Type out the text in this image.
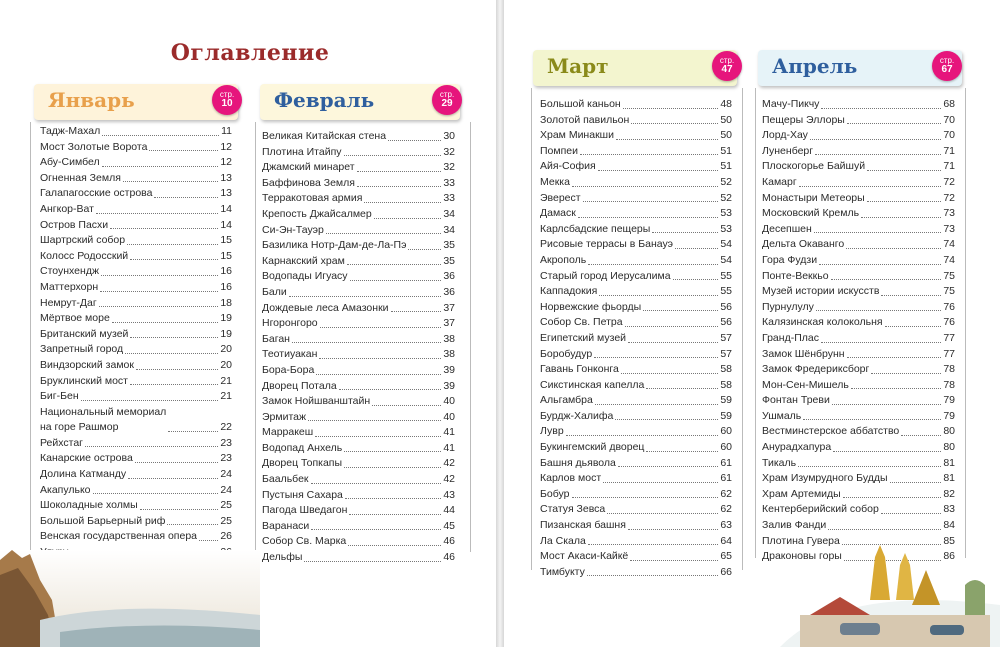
Оглавление
Январь	стр.
10	Февраль	стр.
29
Март	стр.
47	Апрель	стр.
67
Тадж-Махал	11
Мост Золотые Ворота	12
Абу-Симбел	12
Огненная Земля	13
Галапагосские острова	13
Ангкор-Ват	14
Остров Пасхи	14
Шартрский собор	15
Колосс Родосский	15
Стоунхендж	16
Маттерхорн	16
Немрут-Даг	18
Мёртвое море	19
Британский музей	19
Запретный город	20
Виндзорский замок	20
Бруклинский мост	21
Биг-Бен	21
Национальный мемориал
на горе Рашмор	22
Рейхстаг	23
Канарские острова	23
Долина Катманду	24
Акапулько	24
Шоколадные холмы	25
Большой Барьерный риф	25
Венская государственная опера 26
Великая Китайская стена	30
Плотина Итайпу	32
Джамский минарет	32
Баффинова Земля	33
Терракотовая армия	33
Крепость Джайсалмер	34
Си-Эн-Тауэр	34
Базилика Нотр-Дам-де-Ла-Пэ	35
Карнакский храм	35
Водопады Игуасу	36
Бали	36
Дождевые леса Амазонки	37
Нгоронгоро	37
Баган	38
Теотиуакан	38
Бора-Бора	39
Дворец Потала	39
Замок Нойшванштайн	40
Эрмитаж	40
Марракеш	41
Водопад Анхель	41
Дворец Топкапы	42
Баальбек	42
Пустыня Сахара	43
Пагода Шведагон	44
Варанаси	45
Собор Св. Марка	46
Дельфы	46
Большой каньон	48
Золотой павильон	50
Храм Минакши	50
Помпеи	51
Айя-София	51
Мекка	52
Эверест	52
Дамаск	53
Карлсбадские пещеры	53
Рисовые террасы в Банауэ	54
Акрополь	54
Старый город Иерусалима	55
Каппадокия	55
Норвежские фьорды	56
Собор Св. Петра	56
Египетский музей	57
Боробудур	57
Гавань Гонконга	58
Сикстинская капелла	58
Альгамбра	59
Бурдж-Халифа	59
Лувр	60
Букингемский дворец	60
Башня дьявола	61
Карлов мост	61
Бобур	62
Статуя Зевса	62
Пизанская башня	63
Ла Скала	64
Мост Акаси-Кайкё	65
Тимбукту	66
Мачу-Пикчу	68
Пещеры Эллоры	70
Лорд-Хау	70
Луненберг	71
Плоскогорье Байшуй	71
Камарг	72
Монастыри Метеоры	72
Московский Кремль	73
Десепшен	73
Дельта Окаванго	74
Гора Фудзи	74
Понте-Веккьо	75
Музей истории искусств	75
Пурнулулу	76
Калязинская колокольня	76
Гранд-Плас	77
Замок Шёнбрунн	77
Замок Фредериксборг	78
Мон-Сен-Мишель	78
Фонтан Треви	79
Ушмаль	79
Вестминстерское аббатство	80
Анурадхапура	80
Тикаль	81
Храм Изумрудного Будды	81
Храм Артемиды	82
Кентерберийский собор	83
Залив Фанди	84
Плотина Гувера	85
Драконовы горы	86
